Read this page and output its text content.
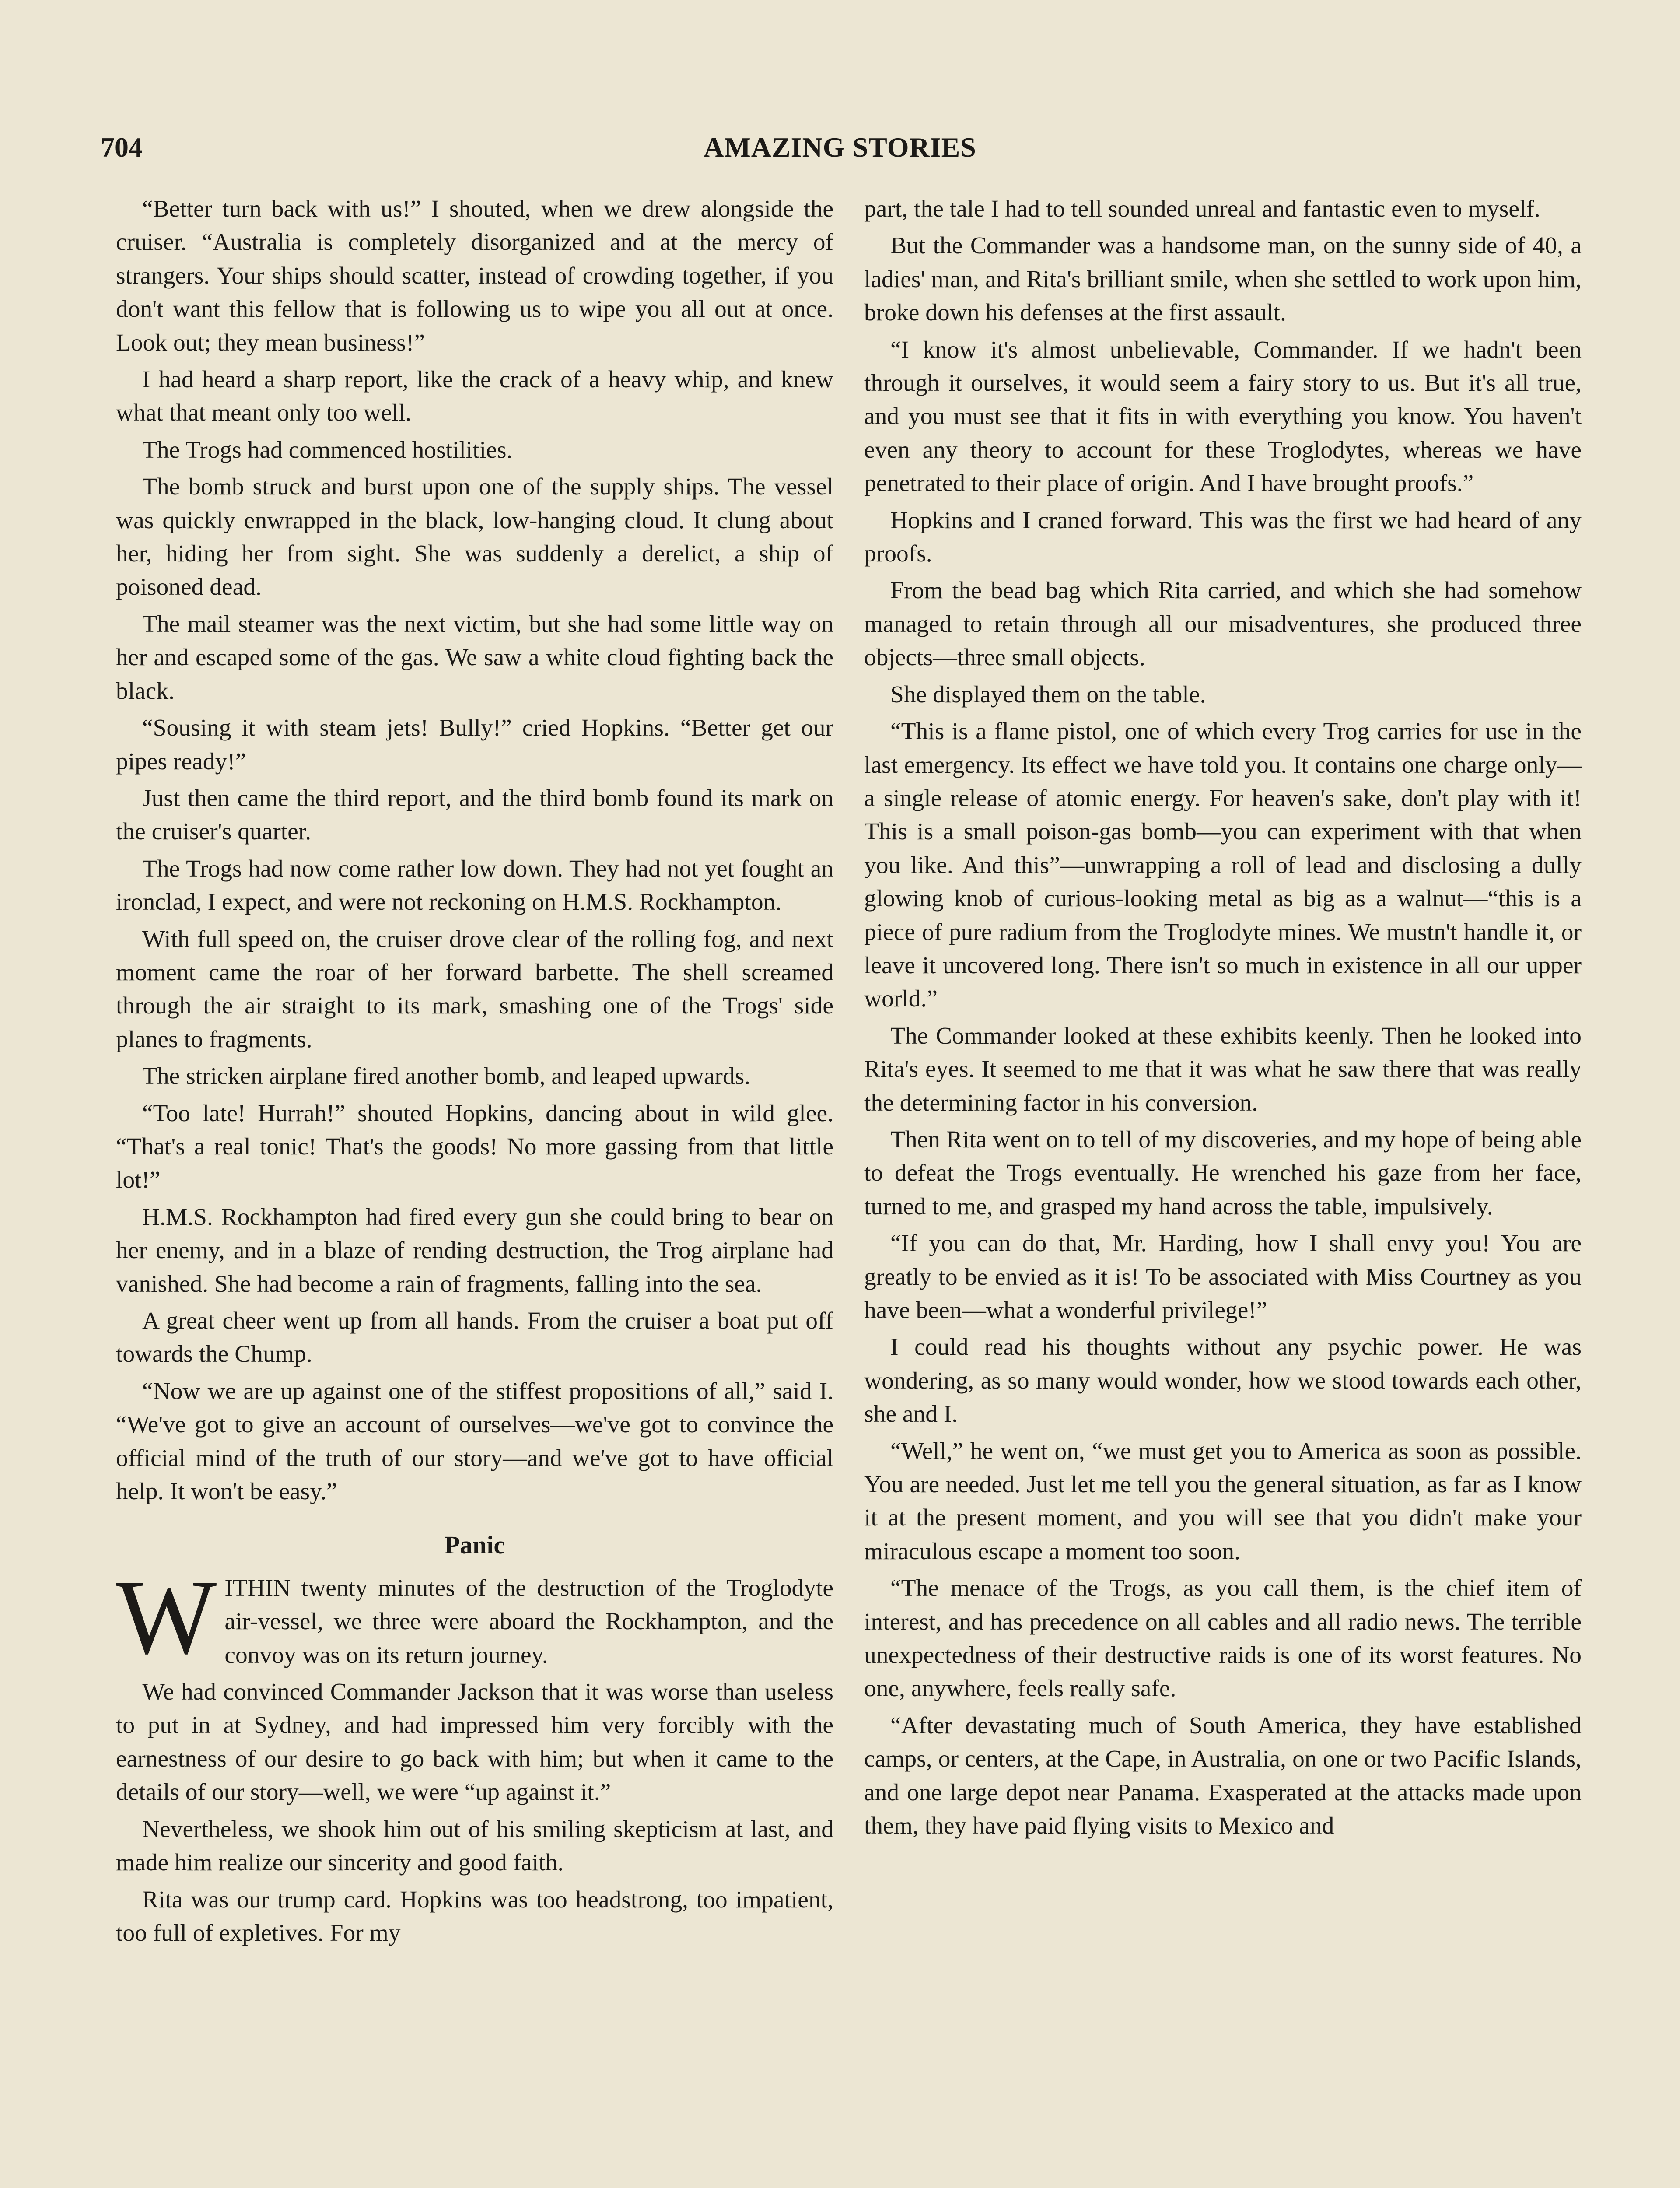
704	AMAZING STORIES

“Better turn back with us!” I shouted, when we drew alongside the cruiser. “Australia is completely disorganized and at the mercy of strangers. Your ships should scatter, instead of crowding together, if you don't want this fellow that is following us to wipe you all out at once. Look out; they mean business!”

I had heard a sharp report, like the crack of a heavy whip, and knew what that meant only too well.

The Trogs had commenced hostilities.

The bomb struck and burst upon one of the supply ships. The vessel was quickly enwrapped in the black, low-hanging cloud. It clung about her, hiding her from sight. She was suddenly a derelict, a ship of poisoned dead.

The mail steamer was the next victim, but she had some little way on her and escaped some of the gas. We saw a white cloud fighting back the black.

“Sousing it with steam jets! Bully!” cried Hopkins. “Better get our pipes ready!”

Just then came the third report, and the third bomb found its mark on the cruiser's quarter.

The Trogs had now come rather low down. They had not yet fought an ironclad, I expect, and were not reckoning on H.M.S. Rockhampton.

With full speed on, the cruiser drove clear of the rolling fog, and next moment came the roar of her forward barbette. The shell screamed through the air straight to its mark, smashing one of the Trogs' side planes to fragments.

The stricken airplane fired another bomb, and leaped upwards.

“Too late! Hurrah!” shouted Hopkins, dancing about in wild glee. “That's a real tonic! That's the goods! No more gassing from that little lot!”

H.M.S. Rockhampton had fired every gun she could bring to bear on her enemy, and in a blaze of rending destruction, the Trog airplane had vanished. She had become a rain of fragments, falling into the sea.

A great cheer went up from all hands. From the cruiser a boat put off towards the Chump.

“Now we are up against one of the stiffest propositions of all,” said I. “We've got to give an account of ourselves—we've got to convince the official mind of the truth of our story—and we've got to have official help. It won't be easy.”

Panic

WITHIN twenty minutes of the destruction of the Troglodyte air-vessel, we three were aboard the Rockhampton, and the convoy was on its return journey.

We had convinced Commander Jackson that it was worse than useless to put in at Sydney, and had impressed him very forcibly with the earnestness of our desire to go back with him; but when it came to the details of our story—well, we were “up against it.”

Nevertheless, we shook him out of his smiling skepticism at last, and made him realize our sincerity and good faith.

Rita was our trump card. Hopkins was too headstrong, too impatient, too full of expletives. For my

part, the tale I had to tell sounded unreal and fantastic even to myself.

But the Commander was a handsome man, on the sunny side of 40, a ladies' man, and Rita's brilliant smile, when she settled to work upon him, broke down his defenses at the first assault.

“I know it's almost unbelievable, Commander. If we hadn't been through it ourselves, it would seem a fairy story to us. But it's all true, and you must see that it fits in with everything you know. You haven't even any theory to account for these Troglodytes, whereas we have penetrated to their place of origin. And I have brought proofs.”

Hopkins and I craned forward. This was the first we had heard of any proofs.

From the bead bag which Rita carried, and which she had somehow managed to retain through all our misadventures, she produced three objects—three small objects.

She displayed them on the table.

“This is a flame pistol, one of which every Trog carries for use in the last emergency. Its effect we have told you. It contains one charge only—a single release of atomic energy. For heaven's sake, don't play with it! This is a small poison-gas bomb—you can experiment with that when you like. And this”—unwrapping a roll of lead and disclosing a dully glowing knob of curious-looking metal as big as a walnut—“this is a piece of pure radium from the Troglodyte mines. We mustn't handle it, or leave it uncovered long. There isn't so much in existence in all our upper world.”

The Commander looked at these exhibits keenly. Then he looked into Rita's eyes. It seemed to me that it was what he saw there that was really the determining factor in his conversion.

Then Rita went on to tell of my discoveries, and my hope of being able to defeat the Trogs eventually. He wrenched his gaze from her face, turned to me, and grasped my hand across the table, impulsively.

“If you can do that, Mr. Harding, how I shall envy you! You are greatly to be envied as it is! To be associated with Miss Courtney as you have been—what a wonderful privilege!”

I could read his thoughts without any psychic power. He was wondering, as so many would wonder, how we stood towards each other, she and I.

“Well,” he went on, “we must get you to America as soon as possible. You are needed. Just let me tell you the general situation, as far as I know it at the present moment, and you will see that you didn't make your miraculous escape a moment too soon.

“The menace of the Trogs, as you call them, is the chief item of interest, and has precedence on all cables and all radio news. The terrible unexpectedness of their destructive raids is one of its worst features. No one, anywhere, feels really safe.

“After devastating much of South America, they have established camps, or centers, at the Cape, in Australia, on one or two Pacific Islands, and one large depot near Panama. Exasperated at the attacks made upon them, they have paid flying visits to Mexico and
